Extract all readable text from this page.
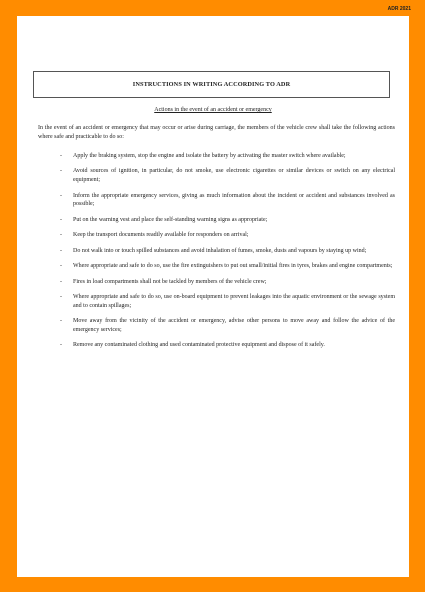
ADR 2021
INSTRUCTIONS IN WRITING ACCORDING TO ADR
Actions in the event of an accident or emergency
In the event of an accident or emergency that may occur or arise during carriage, the members of the vehicle crew shall take the following actions where safe and practicable to do so:
- Apply the braking system, stop the engine and isolate the battery by activating the master switch where available;
- Avoid sources of ignition, in particular, do not smoke, use electronic cigarettes or similar devices or switch on any electrical equipment;
- Inform the appropriate emergency services, giving as much information about the incident or accident and substances involved as possible;
- Put on the warning vest and place the self-standing warning signs as appropriate;
- Keep the transport documents readily available for responders on arrival;
- Do not walk into or touch spilled substances and avoid inhalation of fumes, smoke, dusts and vapours by staying up wind;
- Where appropriate and safe to do so, use the fire extinguishers to put out small/initial fires in tyres, brakes and engine compartments;
- Fires in load compartments shall not be tackled by members of the vehicle crew;
- Where appropriate and safe to do so, use on-board equipment to prevent leakages into the aquatic environment or the sewage system and to contain spillages;
- Move away from the vicinity of the accident or emergency, advise other persons to move away and follow the advice of the emergency services;
- Remove any contaminated clothing and used contaminated protective equipment and dispose of it safely.
